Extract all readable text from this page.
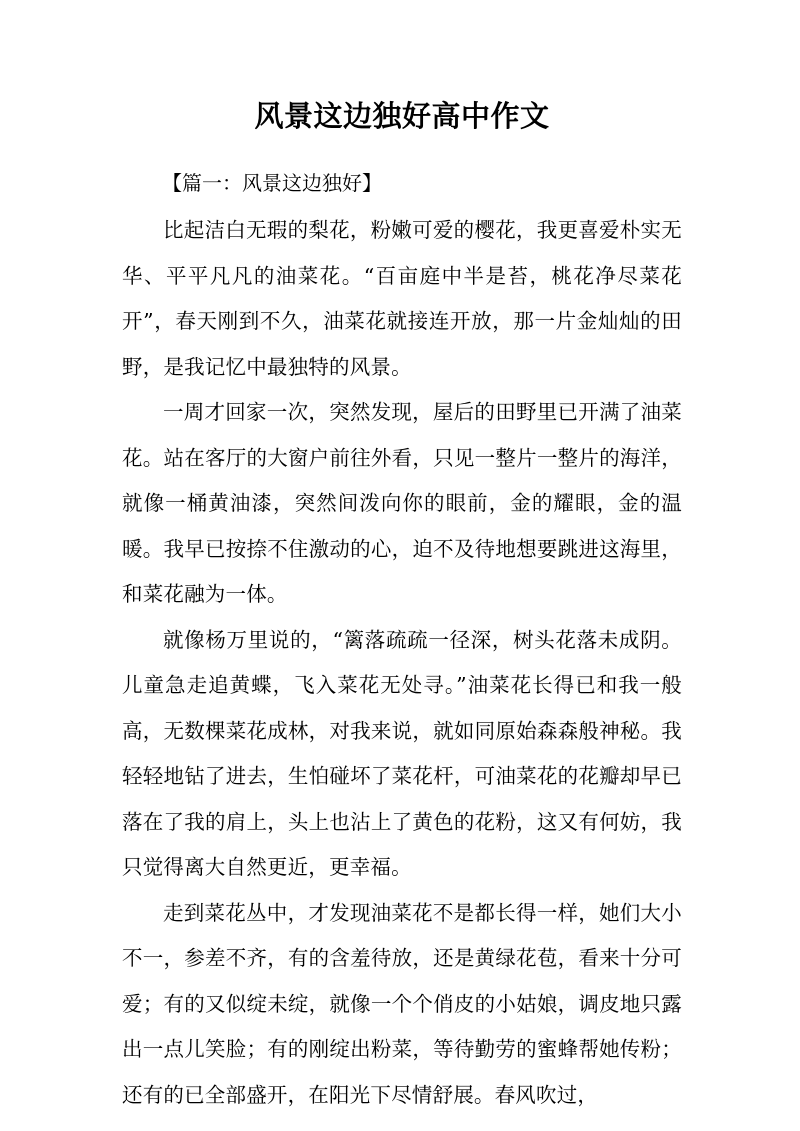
风景这边独好高中作文

【篇一：风景这边独好】

比起洁白无瑕的梨花，粉嫩可爱的樱花，我更喜爱朴实无华、平平凡凡的油菜花。“百亩庭中半是苔，桃花净尽菜花开”，春天刚到不久，油菜花就接连开放，那一片金灿灿的田野，是我记忆中最独特的风景。

一周才回家一次，突然发现，屋后的田野里已开满了油菜花。站在客厅的大窗户前往外看，只见一整片一整片的海洋，就像一桶黄油漆，突然间泼向你的眼前，金的耀眼，金的温暖。我早已按捺不住激动的心，迫不及待地想要跳进这海里，和菜花融为一体。

就像杨万里说的，“篱落疏疏一径深，树头花落未成阴。儿童急走追黄蝶，飞入菜花无处寻。”油菜花长得已和我一般高，无数棵菜花成林，对我来说，就如同原始森森般神秘。我轻轻地钻了进去，生怕碰坏了菜花杆，可油菜花的花瓣却早已落在了我的肩上，头上也沾上了黄色的花粉，这又有何妨，我只觉得离大自然更近，更幸福。

走到菜花丛中，才发现油菜花不是都长得一样，她们大小不一，参差不齐，有的含羞待放，还是黄绿花苞，看来十分可爱；有的又似绽未绽，就像一个个俏皮的小姑娘，调皮地只露出一点儿笑脸；有的刚绽出粉菜，等待勤劳的蜜蜂帮她传粉；还有的已全部盛开，在阳光下尽情舒展。春风吹过，
